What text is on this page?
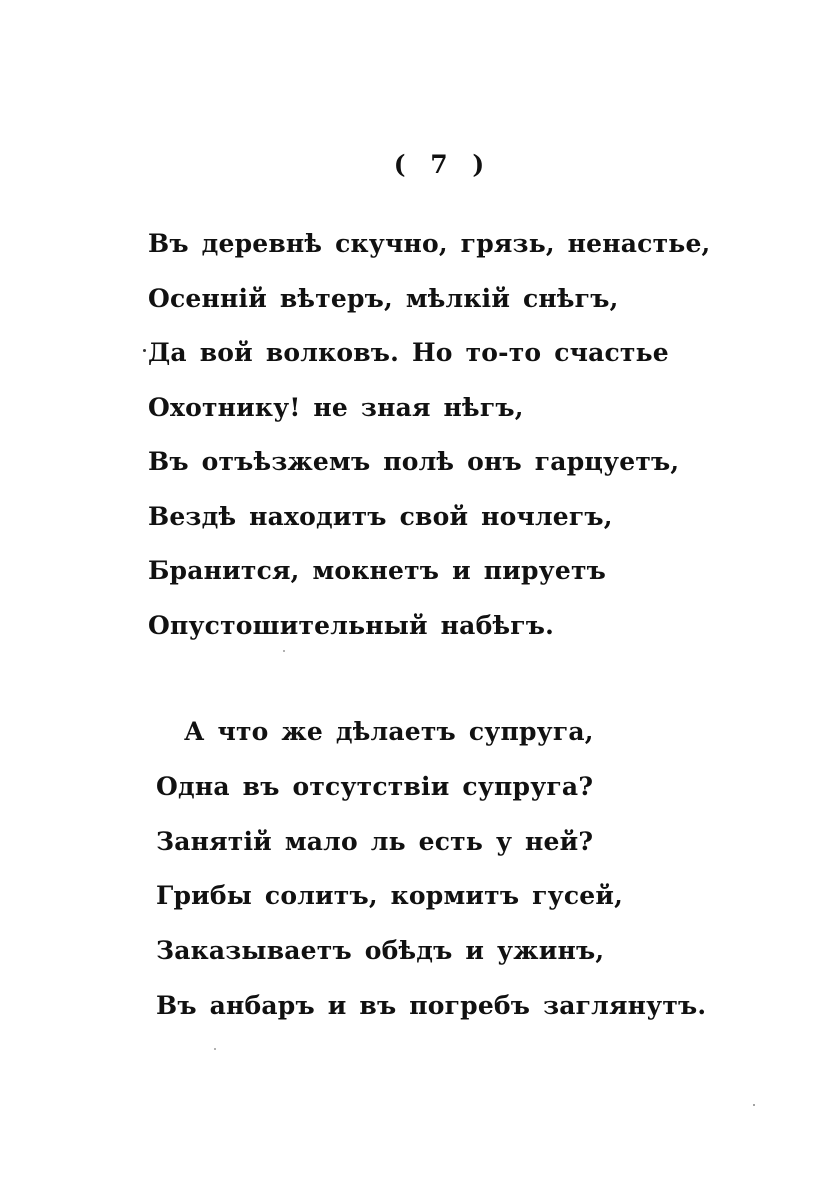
( 7 )
Въ деревнѣ скучно, грязь, ненастье,
Осенній вѣтеръ, мѣлкій снѣгъ,
Да вой волковъ. Но то-то счастье
Охотнику! не зная нѣгъ,
Въ отъѣзжемъ полѣ онъ гарцуетъ,
Вездѣ находитъ свой ночлегъ,
Бранится, мокнетъ и пируетъ
Опустошительный набѣгъ.
А что же дѣлаетъ супруга,
Одна въ отсутствіи супруга?
Занятій мало ль есть у ней?
Грибы солитъ, кормитъ гусей,
Заказываетъ обѣдъ и ужинъ,
Въ анбаръ и въ погребъ заглянутъ.
